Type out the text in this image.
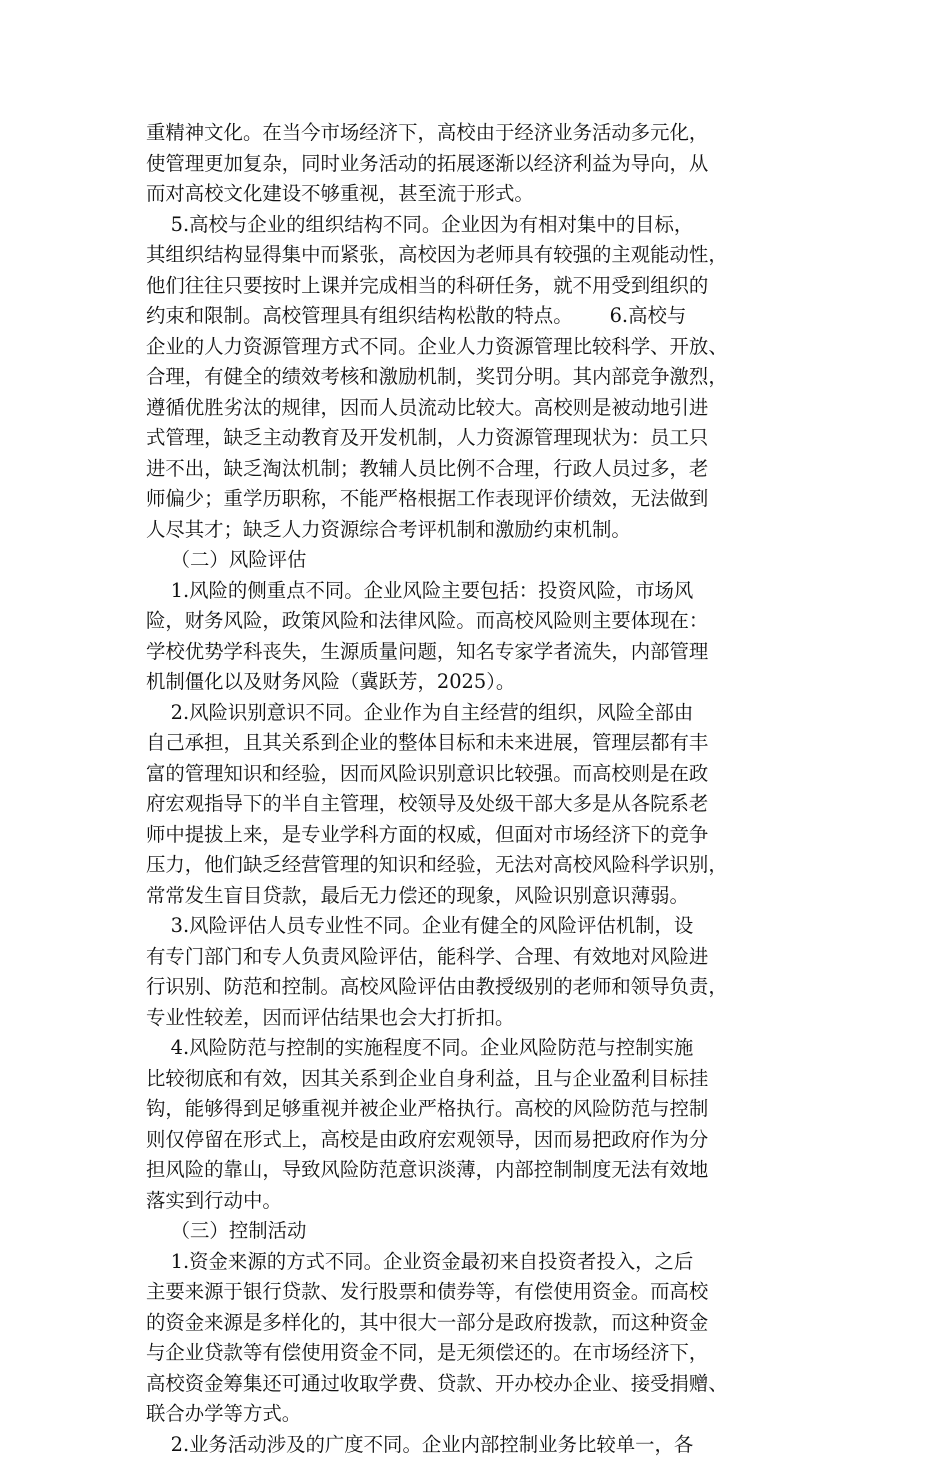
重精神文化。在当今市场经济下，高校由于经济业务活动多元化，
使管理更加复杂，同时业务活动的拓展逐渐以经济利益为导向，从
而对高校文化建设不够重视，甚至流于形式。
5.高校与企业的组织结构不同。企业因为有相对集中的目标，
其组织结构显得集中而紧张，高校因为老师具有较强的主观能动性，
他们往往只要按时上课并完成相当的科研任务，就不用受到组织的
约束和限制。高校管理具有组织结构松散的特点。      6.高校与
企业的人力资源管理方式不同。企业人力资源管理比较科学、开放、
合理，有健全的绩效考核和激励机制，奖罚分明。其内部竞争激烈，
遵循优胜劣汰的规律，因而人员流动比较大。高校则是被动地引进
式管理，缺乏主动教育及开发机制，人力资源管理现状为：员工只
进不出，缺乏淘汰机制；教辅人员比例不合理，行政人员过多，老
师偏少；重学历职称，不能严格根据工作表现评价绩效，无法做到
人尽其才；缺乏人力资源综合考评机制和激励约束机制。
（二）风险评估
1.风险的侧重点不同。企业风险主要包括：投资风险，市场风
险，财务风险，政策风险和法律风险。而高校风险则主要体现在：
学校优势学科丧失，生源质量问题，知名专家学者流失，内部管理
机制僵化以及财务风险（冀跃芳，2025）。
2.风险识别意识不同。企业作为自主经营的组织，风险全部由
自己承担，且其关系到企业的整体目标和未来进展，管理层都有丰
富的管理知识和经验，因而风险识别意识比较强。而高校则是在政
府宏观指导下的半自主管理，校领导及处级干部大多是从各院系老
师中提拔上来，是专业学科方面的权威，但面对市场经济下的竞争
压力，他们缺乏经营管理的知识和经验，无法对高校风险科学识别，
常常发生盲目贷款，最后无力偿还的现象，风险识别意识薄弱。
3.风险评估人员专业性不同。企业有健全的风险评估机制，设
有专门部门和专人负责风险评估，能科学、合理、有效地对风险进
行识别、防范和控制。高校风险评估由教授级别的老师和领导负责，
专业性较差，因而评估结果也会大打折扣。
4.风险防范与控制的实施程度不同。企业风险防范与控制实施
比较彻底和有效，因其关系到企业自身利益，且与企业盈利目标挂
钩，能够得到足够重视并被企业严格执行。高校的风险防范与控制
则仅停留在形式上，高校是由政府宏观领导，因而易把政府作为分
担风险的靠山，导致风险防范意识淡薄，内部控制制度无法有效地
落实到行动中。
（三）控制活动
1.资金来源的方式不同。企业资金最初来自投资者投入，之后
主要来源于银行贷款、发行股票和债券等，有偿使用资金。而高校
的资金来源是多样化的，其中很大一部分是政府拨款，而这种资金
与企业贷款等有偿使用资金不同，是无须偿还的。在市场经济下，
高校资金筹集还可通过收取学费、贷款、开办校办企业、接受捐赠、
联合办学等方式。
2.业务活动涉及的广度不同。企业内部控制业务比较单一，各
